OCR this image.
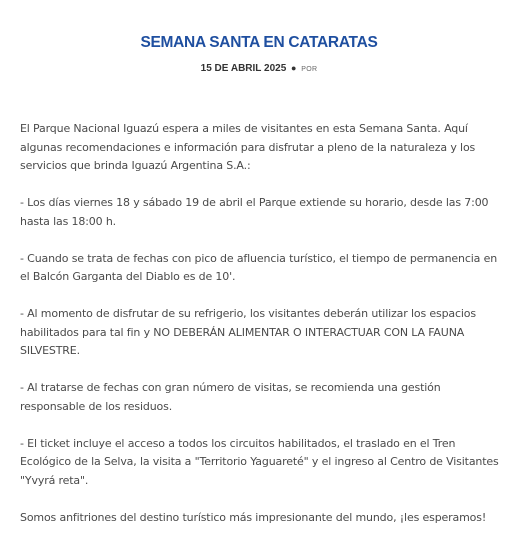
SEMANA SANTA EN CATARATAS
15 DE ABRIL 2025 ● POR

El Parque Nacional Iguazú espera a miles de visitantes en esta Semana Santa. Aquí algunas recomendaciones e información para disfrutar a pleno de la naturaleza y los servicios que brinda Iguazú Argentina S.A.:

- Los días viernes 18 y sábado 19 de abril el Parque extiende su horario, desde las 7:00 hasta las 18:00 h.

- Cuando se trata de fechas con pico de afluencia turístico, el tiempo de permanencia en el Balcón Garganta del Diablo es de 10'.

- Al momento de disfrutar de su refrigerio, los visitantes deberán utilizar los espacios habilitados para tal fin y NO DEBERÁN ALIMENTAR O INTERACTUAR CON LA FAUNA SILVESTRE.

- Al tratarse de fechas con gran número de visitas, se recomienda una gestión responsable de los residuos.

- El ticket incluye el acceso a todos los circuitos habilitados, el traslado en el Tren Ecológico de la Selva, la visita a "Territorio Yaguareté" y el ingreso al Centro de Visitantes "Yvyrá reta".

Somos anfitriones del destino turístico más impresionante del mundo, ¡les esperamos!
